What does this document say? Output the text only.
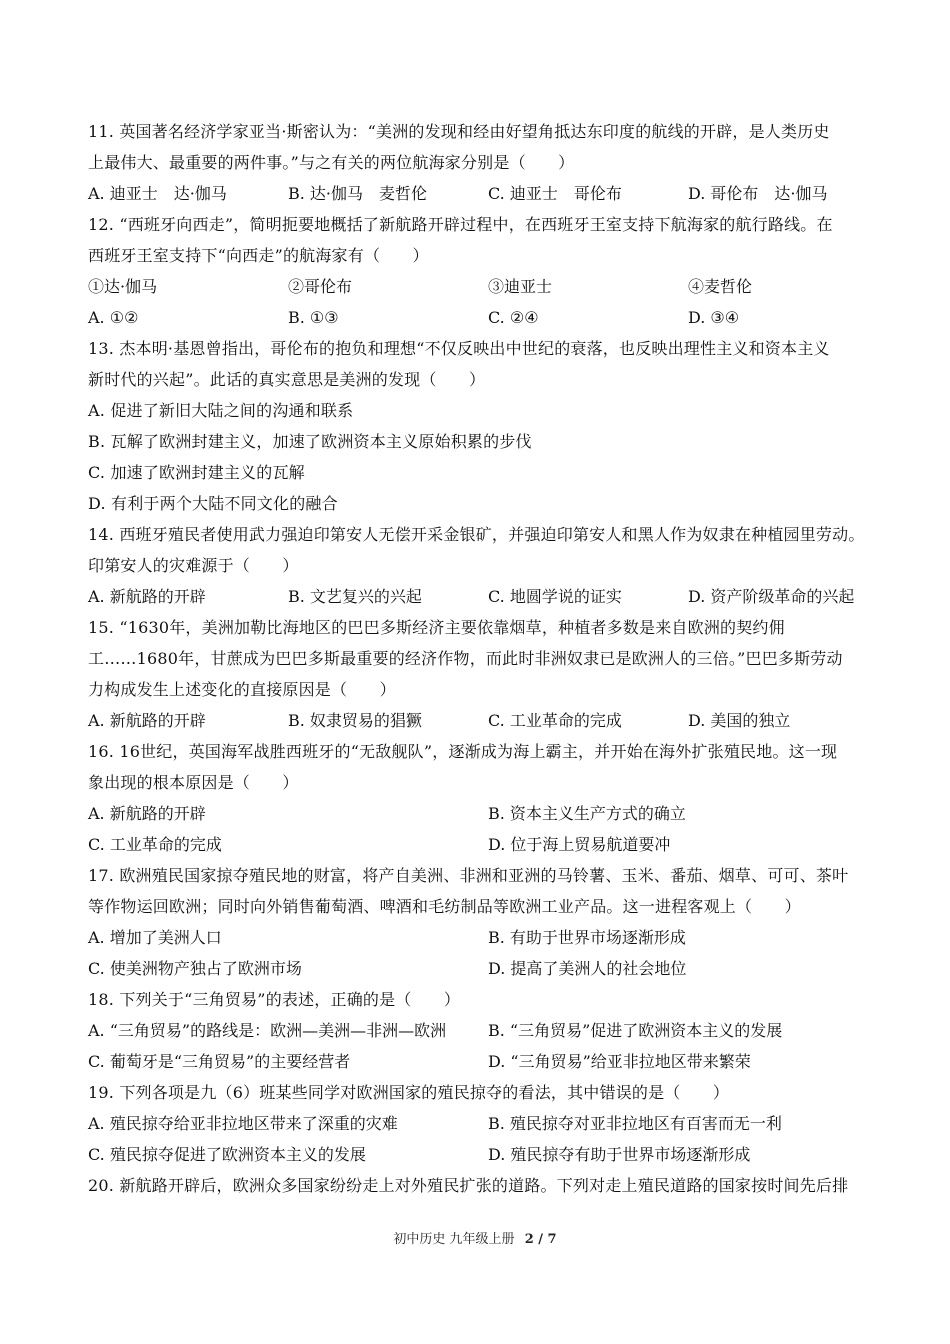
11. 英国著名经济学家亚当·斯密认为：“美洲的发现和经由好望角抵达东印度的航线的开辟，是人类历史
上最伟大、最重要的两件事。”与之有关的两位航海家分别是（　　）
A. 迪亚士　达·伽马	B. 达·伽马　麦哲伦	C. 迪亚士　哥伦布	D. 哥伦布　达·伽马
12. “西班牙向西走”，简明扼要地概括了新航路开辟过程中，在西班牙王室支持下航海家的航行路线。在
西班牙王室支持下“向西走”的航海家有（　　）
①达·伽马	②哥伦布	③迪亚士	④麦哲伦
A. ①②	B. ①③	C. ②④	D. ③④
13. 杰本明·基恩曾指出，哥伦布的抱负和理想“不仅反映出中世纪的衰落，也反映出理性主义和资本主义
新时代的兴起”。此话的真实意思是美洲的发现（　　）
A. 促进了新旧大陆之间的沟通和联系
B. 瓦解了欧洲封建主义，加速了欧洲资本主义原始积累的步伐
C. 加速了欧洲封建主义的瓦解
D. 有利于两个大陆不同文化的融合
14. 西班牙殖民者使用武力强迫印第安人无偿开采金银矿，并强迫印第安人和黑人作为奴隶在种植园里劳动。
印第安人的灾难源于（　　）
A. 新航路的开辟	B. 文艺复兴的兴起	C. 地圆学说的证实	D. 资产阶级革命的兴起
15. “1630年，美洲加勒比海地区的巴巴多斯经济主要依靠烟草，种植者多数是来自欧洲的契约佣
工……1680年，甘蔗成为巴巴多斯最重要的经济作物，而此时非洲奴隶已是欧洲人的三倍。”巴巴多斯劳动
力构成发生上述变化的直接原因是（　　）
A. 新航路的开辟	B. 奴隶贸易的猖獗	C. 工业革命的完成	D. 美国的独立
16. 16世纪，英国海军战胜西班牙的“无敌舰队”，逐渐成为海上霸主，并开始在海外扩张殖民地。这一现
象出现的根本原因是（　　）
A. 新航路的开辟	B. 资本主义生产方式的确立
C. 工业革命的完成	D. 位于海上贸易航道要冲
17. 欧洲殖民国家掠夺殖民地的财富，将产自美洲、非洲和亚洲的马铃薯、玉米、番茄、烟草、可可、茶叶
等作物运回欧洲；同时向外销售葡萄酒、啤酒和毛纺制品等欧洲工业产品。这一进程客观上（　　）
A. 增加了美洲人口	B. 有助于世界市场逐渐形成
C. 使美洲物产独占了欧洲市场	D. 提高了美洲人的社会地位
18. 下列关于“三角贸易”的表述，正确的是（　　）
A. “三角贸易”的路线是：欧洲—美洲—非洲—欧洲	B. “三角贸易”促进了欧洲资本主义的发展
C. 葡萄牙是“三角贸易”的主要经营者	D. “三角贸易”给亚非拉地区带来繁荣
19. 下列各项是九（6）班某些同学对欧洲国家的殖民掠夺的看法，其中错误的是（　　）
A. 殖民掠夺给亚非拉地区带来了深重的灾难	B. 殖民掠夺对亚非拉地区有百害而无一利
C. 殖民掠夺促进了欧洲资本主义的发展	D. 殖民掠夺有助于世界市场逐渐形成
20. 新航路开辟后，欧洲众多国家纷纷走上对外殖民扩张的道路。下列对走上殖民道路的国家按时间先后排
初中历史 九年级上册 2 / 7
